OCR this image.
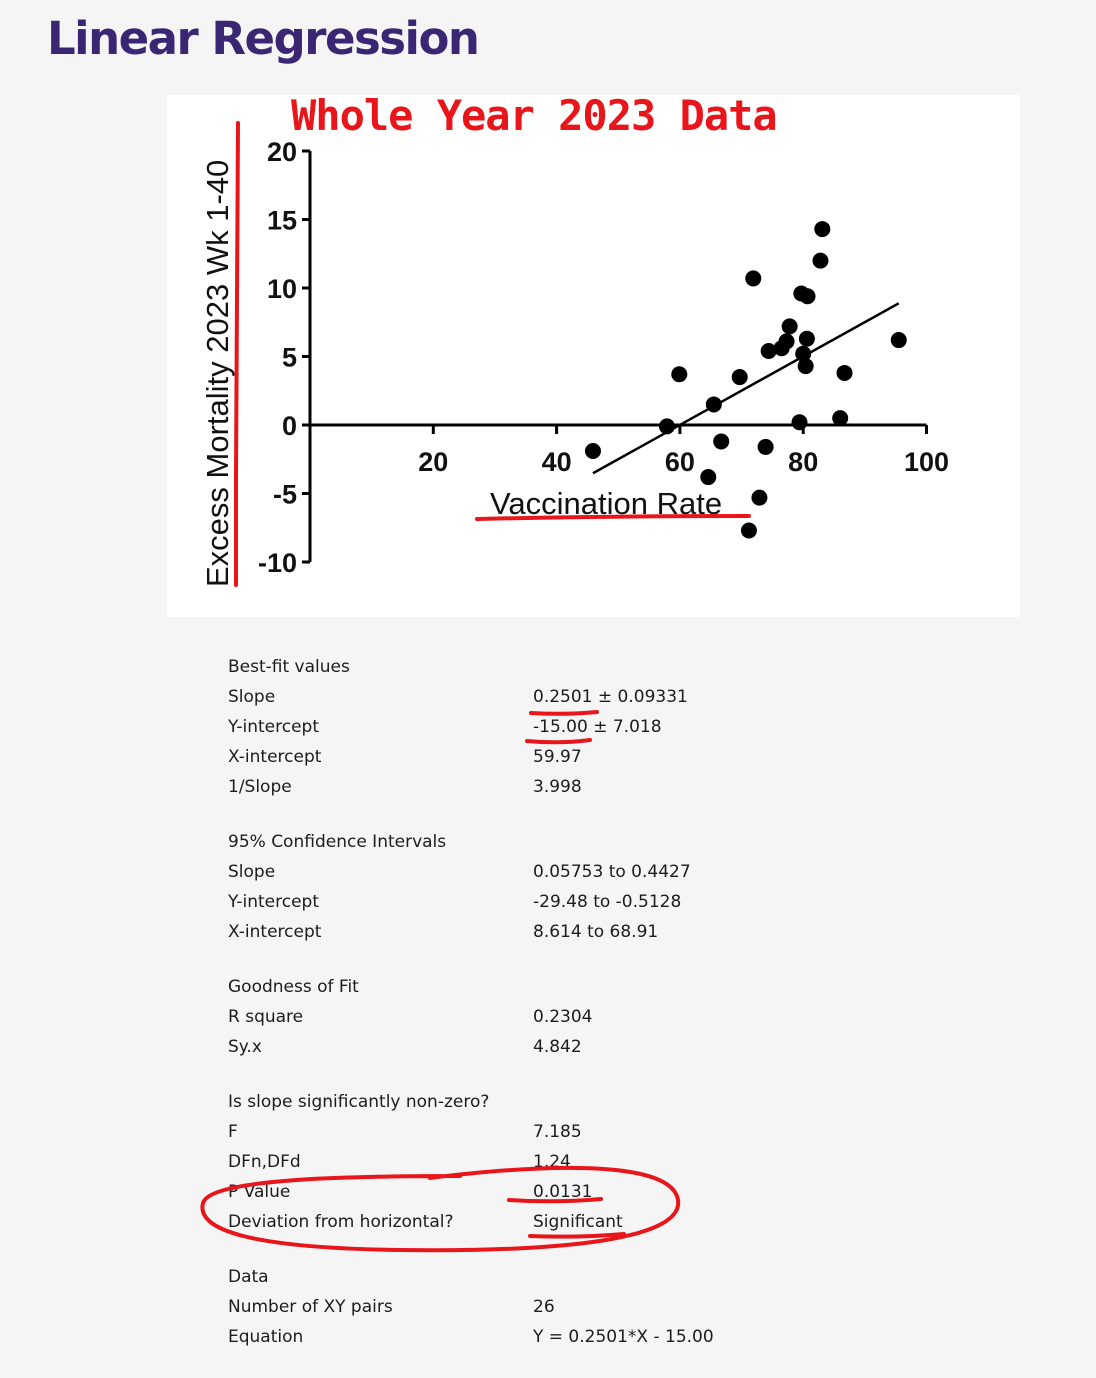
Linear Regression
Whole Year 2023 Data
Excess Mortality 2023 Wk 1-40	Vaccination Rate
-10
-5
0
5
10
15
20
20	40	60	80	100
Best-fit values
Slope	0.2501 ± 0.09331
Y-intercept	-15.00 ± 7.018
X-intercept	59.97
1/Slope	3.998
95% Confidence Intervals
Slope	0.05753 to 0.4427
Y-intercept	-29.48 to -0.5128
X-intercept	8.614 to 68.91
Goodness of Fit
R square	0.2304
Sy.x	4.842
Is slope significantly non-zero?
F	7.185
DFn,DFd	1,24
P Value	0.0131
Deviation from horizontal?	Significant
Data
Number of XY pairs	26
Equation	Y = 0.2501*X - 15.00
